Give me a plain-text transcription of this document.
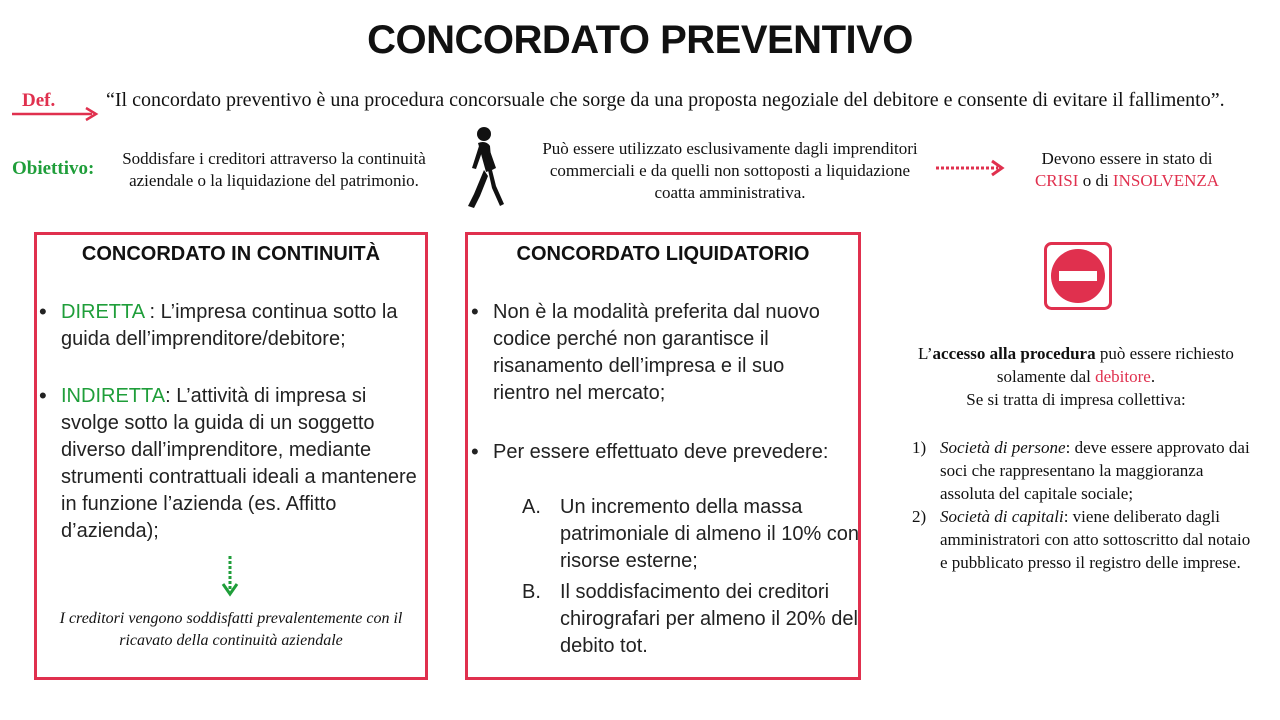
CONCORDATO PREVENTIVO
Def.	“Il concordato preventivo è una procedura concorsuale che sorge da una proposta negoziale del debitore e consente di evitare il fallimento”.
Obiettivo:	Soddisfare i creditori attraverso la continuità aziendale o la liquidazione del patrimonio.
Può essere utilizzato esclusivamente dagli imprenditori commerciali e da quelli non sottoposti a liquidazione coatta amministrativa.
Devono essere in stato di
CRISI o di INSOLVENZA
CONCORDATO IN CONTINUITÀ
• DIRETTA : L’impresa continua sotto la guida dell’imprenditore/debitore;
• INDIRETTA: L’attività di impresa si svolge sotto la guida di un soggetto diverso dall’imprenditore, mediante strumenti contrattuali ideali a mantenere in funzione l’azienda (es. Affitto d’azienda);
I creditori vengono soddisfatti prevalentemente con il ricavato della continuità aziendale
CONCORDATO LIQUIDATORIO
• Non è la modalità preferita dal nuovo codice perché non garantisce il risanamento dell’impresa e il suo rientro nel mercato;
• Per essere effettuato deve prevedere:
A. Un incremento della massa patrimoniale di almeno il 10% con risorse esterne;
B. Il soddisfacimento dei creditori chirografari per almeno il 20% del debito tot.
L’accesso alla procedura può essere richiesto solamente dal debitore.
Se si tratta di impresa collettiva:
1) Società di persone: deve essere approvato dai soci che rappresentano la maggioranza assoluta del capitale sociale;
2) Società di capitali: viene deliberato dagli amministratori con atto sottoscritto dal notaio e pubblicato presso il registro delle imprese.
